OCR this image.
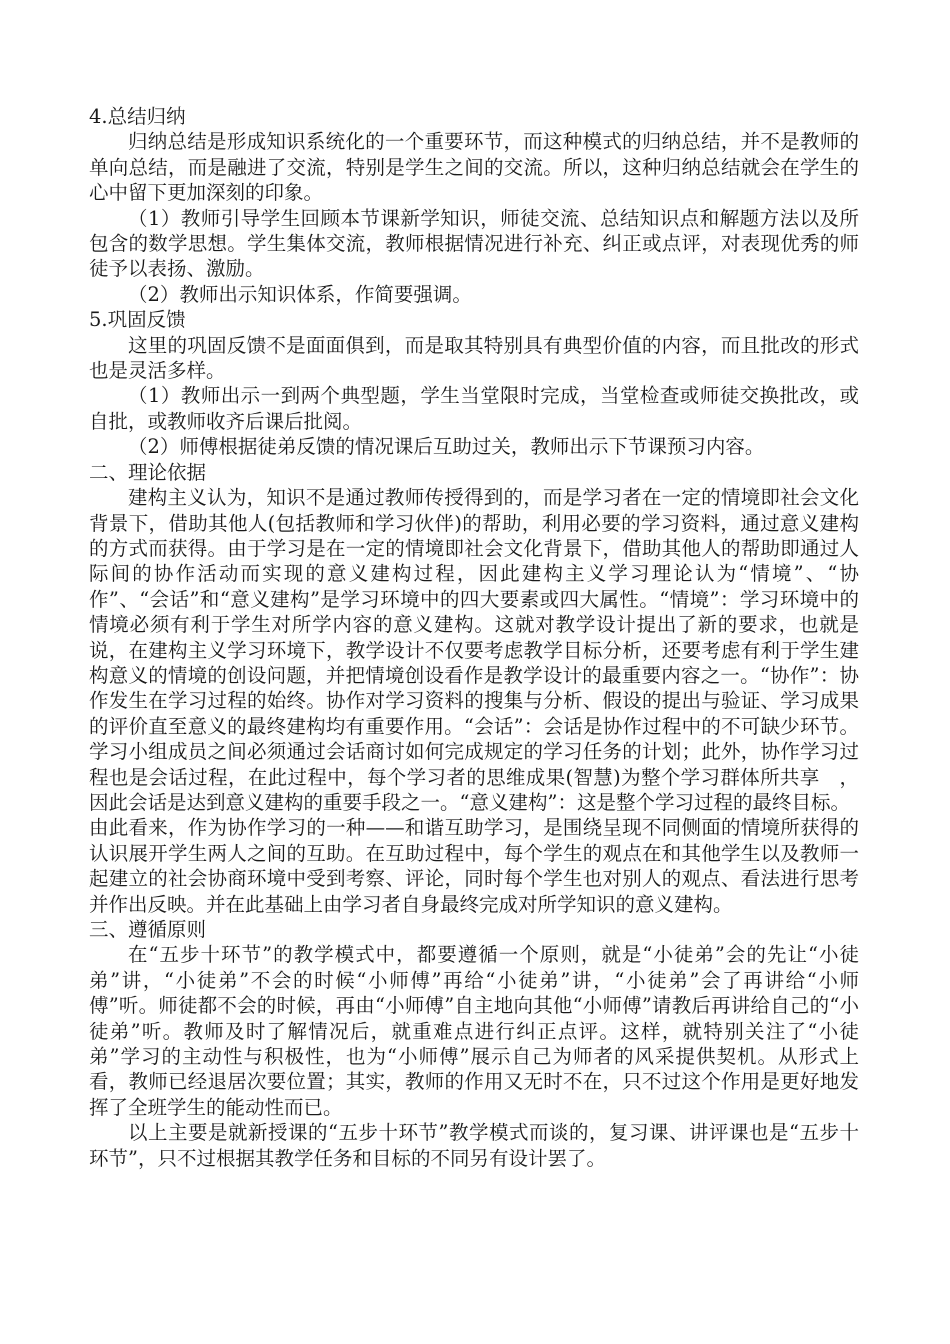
4.总结归纳

归纳总结是形成知识系统化的一个重要环节，而这种模式的归纳总结，并不是教师的单向总结，而是融进了交流，特别是学生之间的交流。所以，这种归纳总结就会在学生的心中留下更加深刻的印象。

（1）教师引导学生回顾本节课新学知识，师徒交流、总结知识点和解题方法以及所包含的数学思想。学生集体交流，教师根据情况进行补充、纠正或点评，对表现优秀的师徒予以表扬、激励。

（2）教师出示知识体系，作简要强调。

5.巩固反馈

这里的巩固反馈不是面面俱到，而是取其特别具有典型价值的内容，而且批改的形式也是灵活多样。

（1）教师出示一到两个典型题，学生当堂限时完成，当堂检查或师徒交换批改，或自批，或教师收齐后课后批阅。

（2）师傅根据徒弟反馈的情况课后互助过关，教师出示下节课预习内容。

二、理论依据

建构主义认为，知识不是通过教师传授得到的，而是学习者在一定的情境即社会文化背景下，借助其他人(包括教师和学习伙伴)的帮助，利用必要的学习资料，通过意义建构的方式而获得。由于学习是在一定的情境即社会文化背景下，借助其他人的帮助即通过人际间的协作活动而实现的意义建构过程，因此建构主义学习理论认为“情境”、“协作”、“会话”和“意义建构”是学习环境中的四大要素或四大属性。“情境”：学习环境中的情境必须有利于学生对所学内容的意义建构。这就对教学设计提出了新的要求，也就是说，在建构主义学习环境下，教学设计不仅要考虑教学目标分析，还要考虑有利于学生建构意义的情境的创设问题，并把情境创设看作是教学设计的最重要内容之一。“协作”：协作发生在学习过程的始终。协作对学习资料的搜集与分析、假设的提出与验证、学习成果的评价直至意义的最终建构均有重要作用。“会话”：会话是协作过程中的不可缺少环节。学习小组成员之间必须通过会话商讨如何完成规定的学习任务的计划；此外，协作学习过程也是会话过程，在此过程中，每个学习者的思维成果(智慧)为整个学习群体所共享　，因此会话是达到意义建构的重要手段之一。“意义建构”：这是整个学习过程的最终目标。

由此看来，作为协作学习的一种——和谐互助学习，是围绕呈现不同侧面的情境所获得的认识展开学生两人之间的互助。在互助过程中，每个学生的观点在和其他学生以及教师一起建立的社会协商环境中受到考察、评论，同时每个学生也对别人的观点、看法进行思考并作出反映。并在此基础上由学习者自身最终完成对所学知识的意义建构。

三、遵循原则

在“五步十环节”的教学模式中，都要遵循一个原则，就是“小徒弟”会的先让“小徒弟”讲，“小徒弟”不会的时候“小师傅”再给“小徒弟”讲，“小徒弟”会了再讲给“小师傅”听。师徒都不会的时候，再由“小师傅”自主地向其他“小师傅”请教后再讲给自己的“小徒弟”听。教师及时了解情况后，就重难点进行纠正点评。这样，就特别关注了“小徒弟”学习的主动性与积极性，也为“小师傅”展示自己为师者的风采提供契机。从形式上看，教师已经退居次要位置；其实，教师的作用又无时不在，只不过这个作用是更好地发挥了全班学生的能动性而已。

以上主要是就新授课的“五步十环节”教学模式而谈的，复习课、讲评课也是“五步十环节”，只不过根据其教学任务和目标的不同另有设计罢了。
